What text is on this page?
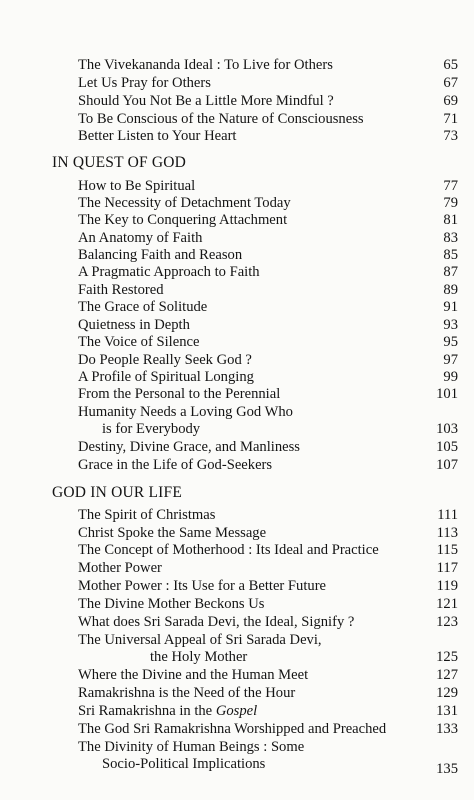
The Vivekananda Ideal : To Live for Others	65
Let Us Pray for Others	67
Should You Not Be a Little More Mindful ?	69
To Be Conscious of the Nature of Consciousness	71
Better Listen to Your Heart	73
IN QUEST OF GOD
How to Be Spiritual	77
The Necessity of Detachment Today	79
The Key to Conquering Attachment	81
An Anatomy of Faith	83
Balancing Faith and Reason	85
A Pragmatic Approach to Faith	87
Faith Restored	89
The Grace of Solitude	91
Quietness in Depth	93
The Voice of Silence	95
Do People Really Seek God ?	97
A Profile of Spiritual Longing	99
From the Personal to the Perennial	101
Humanity Needs a Loving God Who
is for Everybody	103
Destiny, Divine Grace, and Manliness	105
Grace in the Life of God-Seekers	107
GOD IN OUR LIFE
The Spirit of Christmas	111
Christ Spoke the Same Message	113
The Concept of Motherhood : Its Ideal and Practice	115
Mother Power	117
Mother Power : Its Use for a Better Future	119
The Divine Mother Beckons Us	121
What does Sri Sarada Devi, the Ideal, Signify ?	123
The Universal Appeal of Sri Sarada Devi,
the Holy Mother	125
Where the Divine and the Human Meet	127
Ramakrishna is the Need of the Hour	129
Sri Ramakrishna in the Gospel	131
The God Sri Ramakrishna Worshipped and Preached	133
The Divinity of Human Beings : Some
Socio-Political Implications	135
